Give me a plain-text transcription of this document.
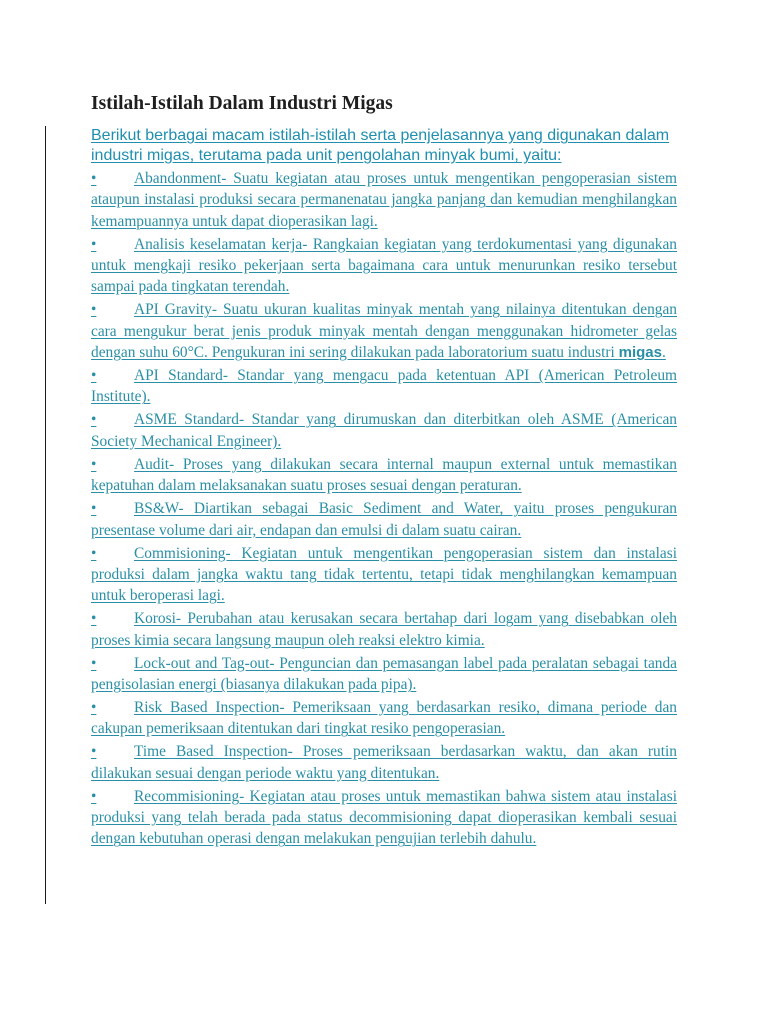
Istilah-Istilah Dalam Industri Migas

Berikut berbagai macam istilah-istilah serta penjelasannya yang digunakan dalam industri migas, terutama pada unit pengolahan minyak bumi, yaitu:

• Abandonment- Suatu kegiatan atau proses untuk mengentikan pengoperasian sistem ataupun instalasi produksi secara permanenatau jangka panjang dan kemudian menghilangkan kemampuannya untuk dapat dioperasikan lagi.

• Analisis keselamatan kerja- Rangkaian kegiatan yang terdokumentasi yang digunakan untuk mengkaji resiko pekerjaan serta bagaimana cara untuk menurunkan resiko tersebut sampai pada tingkatan terendah.

• API Gravity- Suatu ukuran kualitas minyak mentah yang nilainya ditentukan dengan cara mengukur berat jenis produk minyak mentah dengan menggunakan hidrometer gelas dengan suhu 60°C. Pengukuran ini sering dilakukan pada laboratorium suatu industri migas.

• API Standard- Standar yang mengacu pada ketentuan API (American Petroleum Institute).

• ASME Standard- Standar yang dirumuskan dan diterbitkan oleh ASME (American Society Mechanical Engineer).

• Audit- Proses yang dilakukan secara internal maupun external untuk memastikan kepatuhan dalam melaksanakan suatu proses sesuai dengan peraturan.

• BS&W- Diartikan sebagai Basic Sediment and Water, yaitu proses pengukuran presentase volume dari air, endapan dan emulsi di dalam suatu cairan.

• Commisioning- Kegiatan untuk mengentikan pengoperasian sistem dan instalasi produksi dalam jangka waktu tang tidak tertentu, tetapi tidak menghilangkan kemampuan untuk beroperasi lagi.

• Korosi- Perubahan atau kerusakan secara bertahap dari logam yang disebabkan oleh proses kimia secara langsung maupun oleh reaksi elektro kimia.

• Lock-out and Tag-out- Penguncian dan pemasangan label pada peralatan sebagai tanda pengisolasian energi (biasanya dilakukan pada pipa).

• Risk Based Inspection- Pemeriksaan yang berdasarkan resiko, dimana periode dan cakupan pemeriksaan ditentukan dari tingkat resiko pengoperasian.

• Time Based Inspection- Proses pemeriksaan berdasarkan waktu, dan akan rutin dilakukan sesuai dengan periode waktu yang ditentukan.

• Recommisioning- Kegiatan atau proses untuk memastikan bahwa sistem atau instalasi produksi yang telah berada pada status decommisioning dapat dioperasikan kembali sesuai dengan kebutuhan operasi dengan melakukan pengujian terlebih dahulu.
